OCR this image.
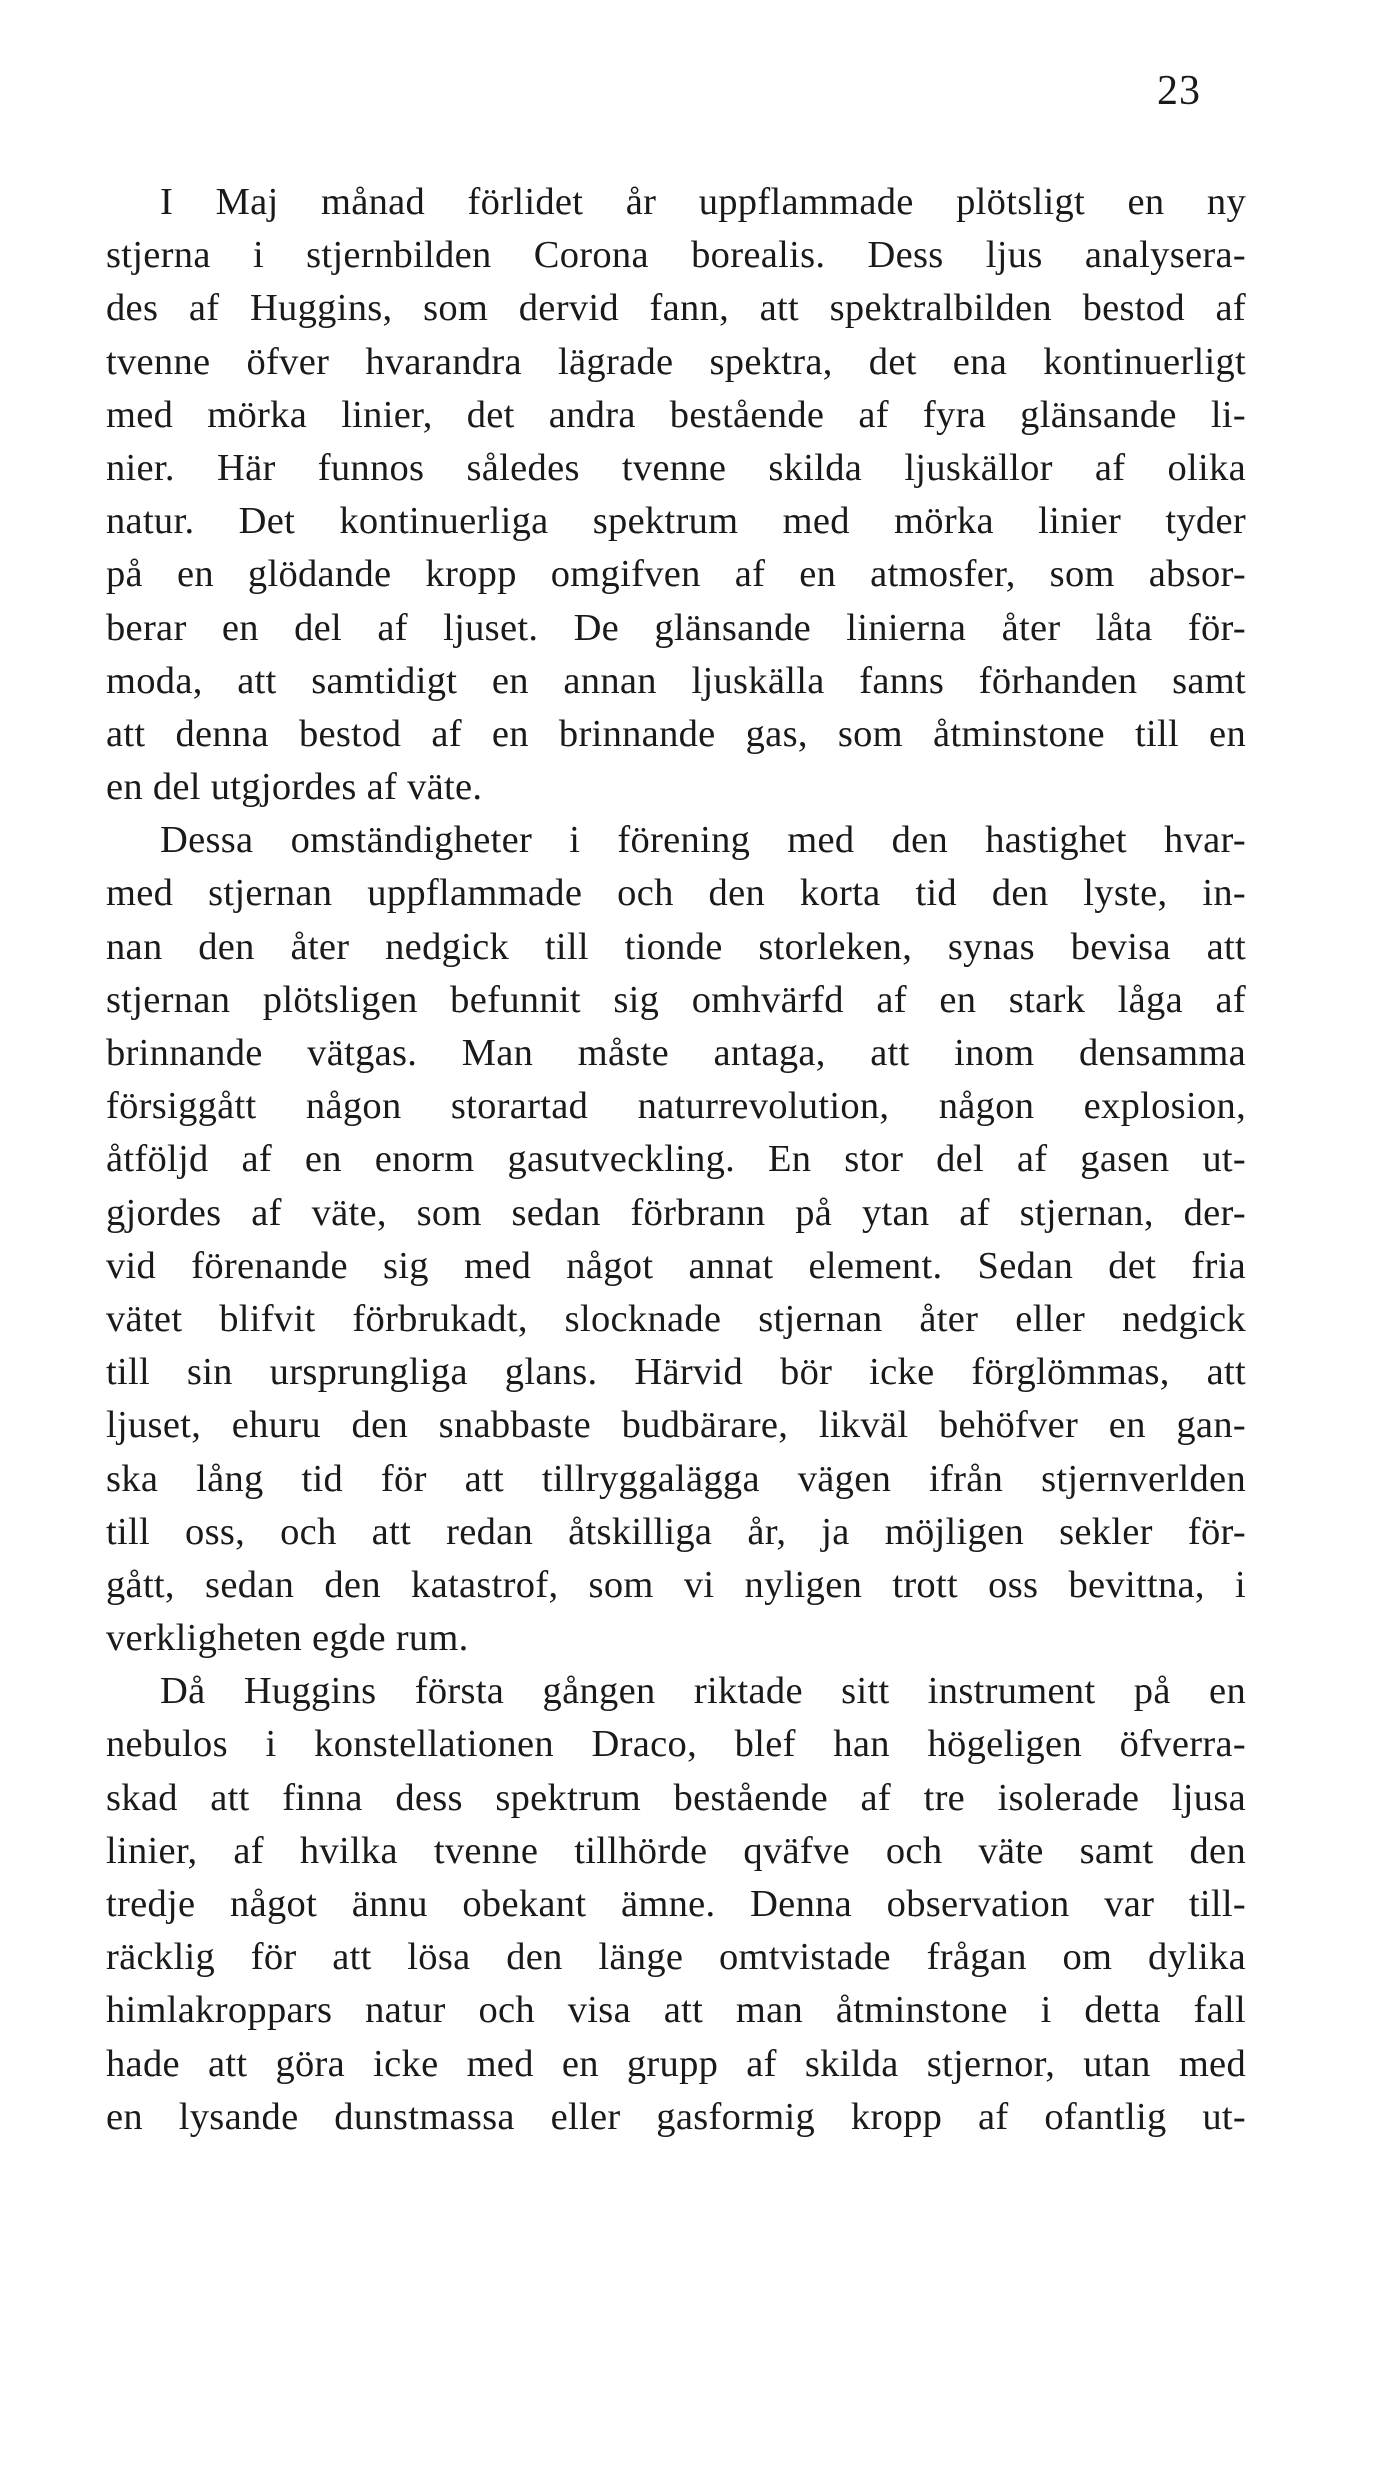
23
I Maj månad förlidet år uppflammade plötsligt en ny
stjerna i stjernbilden Corona borealis. Dess ljus analysera-
des af Huggins, som dervid fann, att spektralbilden bestod af
tvenne öfver hvarandra lägrade spektra, det ena kontinuerligt
med mörka linier, det andra bestående af fyra glänsande li-
nier. Här funnos således tvenne skilda ljuskällor af olika
natur. Det kontinuerliga spektrum med mörka linier tyder
på en glödande kropp omgifven af en atmosfer, som absor-
berar en del af ljuset. De glänsande linierna åter låta för-
moda, att samtidigt en annan ljuskälla fanns förhanden samt
att denna bestod af en brinnande gas, som åtminstone till en
en del utgjordes af väte.
Dessa omständigheter i förening med den hastighet hvar-
med stjernan uppflammade och den korta tid den lyste, in-
nan den åter nedgick till tionde storleken, synas bevisa att
stjernan plötsligen befunnit sig omhvärfd af en stark låga af
brinnande vätgas. Man måste antaga, att inom densamma
försiggått någon storartad naturrevolution, någon explosion,
åtföljd af en enorm gasutveckling. En stor del af gasen ut-
gjordes af väte, som sedan förbrann på ytan af stjernan, der-
vid förenande sig med något annat element. Sedan det fria
vätet blifvit förbrukadt, slocknade stjernan åter eller nedgick
till sin ursprungliga glans. Härvid bör icke förglömmas, att
ljuset, ehuru den snabbaste budbärare, likväl behöfver en gan-
ska lång tid för att tillryggalägga vägen ifrån stjernverlden
till oss, och att redan åtskilliga år, ja möjligen sekler för-
gått, sedan den katastrof, som vi nyligen trott oss bevittna, i
verkligheten egde rum.
Då Huggins första gången riktade sitt instrument på en
nebulos i konstellationen Draco, blef han högeligen öfverra-
skad att finna dess spektrum bestående af tre isolerade ljusa
linier, af hvilka tvenne tillhörde qväfve och väte samt den
tredje något ännu obekant ämne. Denna observation var till-
räcklig för att lösa den länge omtvistade frågan om dylika
himlakroppars natur och visa att man åtminstone i detta fall
hade att göra icke med en grupp af skilda stjernor, utan med
en lysande dunstmassa eller gasformig kropp af ofantlig ut-
